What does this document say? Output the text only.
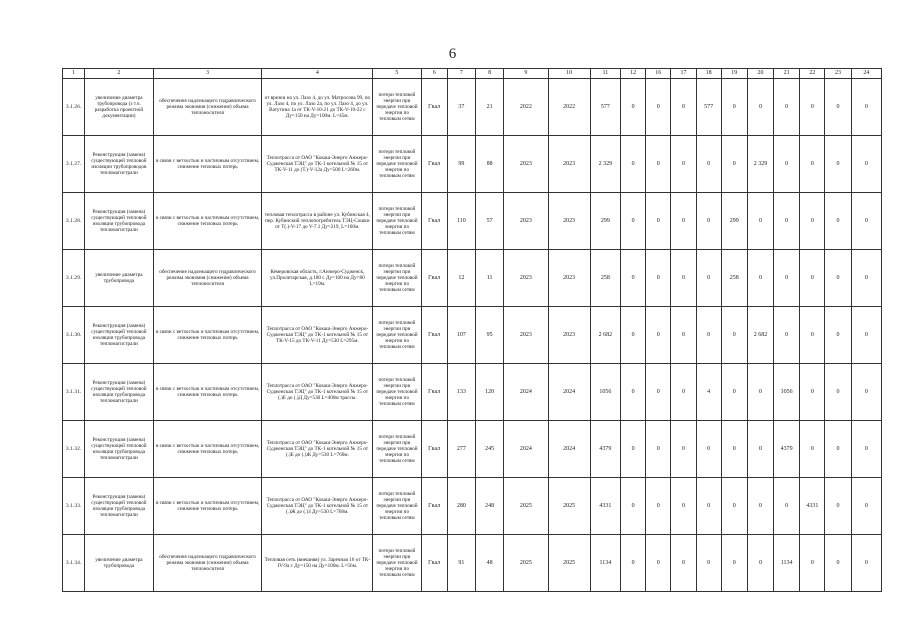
6
1	2	3	4	5	6	7	8	9	10	11	12	16	17	18	19	20	21	22	23	24
3.1.26.	увеличение диаметра трубопровода (з т.ч. разработка проектной документации)	обеспечение надлежащего гидравлического режима экономия (снижение) объема теплоносителя	от врезки на ул. Лазо 4, до ул. Матросова 99, по ул. Лазо 4, по ул. Лазо 2а, по ул. Лазо 4, до ул. Ватутина 1а от ТК-V-10-21 до ТК-V-10-22 с Ду=150 на Ду=100м. L=45м.	потери тепловой энергии при передаче тепловой энергии по тепловым сетям	Гкал	37	21	2022	2022	577	0	0	0	577	0	0	0	0	0	0
3.1.27.	Реконструкция (замена) существующей тепловой изоляции трубопроводов тепломагистрали	в связи с ветхостью и частичным отсутствием, снижение тепловых потерь	Теплотрасса от ОАО "Кокаш-Энерго Анжеро-Судженская ТЭЦ" до ТК-1 котельной № 15 от ТК-V-11 до (Т.)-V-12а Ду=500 L=260м.	потери тепловой энергии при передаче тепловой энергии по тепловым сетям	Гкал	99	88	2023	2023	2 329	0	0	0	0	0	2 329	0	0	0	0
3.1.28.	Реконструкция (замена) существующей тепловой изоляции трубопровода тепломагистрали	в связи с ветхостью и частичным отсутствием, снижение тепловых потерь	тепловая теплотрасса в районе ул. Кубинская 4, пер. Кубинский теплопотребитель ТЭЦ-Сошки от Т(.)-V-17 до V-7.1 Ду=219, L=160м.	потери тепловой энергии при передаче тепловой энергии по тепловым сетям	Гкал	110	57	2023	2023	299	0	0	0	0	299	0	0	0	0	0
3.1.29.	увеличение диаметра трубопровода	обеспечение надлежащего гидравлического режима экономия (снижение) объема теплоносителя	Кемеровская область, г.Анжеро-Судженск, ул.Пролетарская, д.180 с Ду=100 на Ду=80 L=19м.	потери тепловой энергии при передаче тепловой энергии по тепловым сетям	Гкал	12	11	2023	2023	258	0	0	0	0	258	0	0	0	0	0
3.1.30.	Реконструкция (замена) существующей тепловой изоляции трубопровода тепломагистрали	в связи с ветхостью и частичным отсутствием, снижение тепловых потерь	Теплотрасса от ОАО "Кокаш-Энерго Анжеро-Судженская ТЭЦ" до ТК-1 котельной № 15 от ТК-V-15 до ТК-V-11 Ду=530 L=295м.	потери тепловой энергии при передаче тепловой энергии по тепловым сетям	Гкал	107	95	2023	2023	2 682	0	0	0	0	0	2 682	0	0	0	0
3.1.31.	Реконструкция (замена) существующей тепловой изоляции трубопровода тепломагистрали	в связи с ветхостью и частичным отсутствием, снижение тепловых потерь	Теплотрасса от ОАО "Кокаш-Энерго Анжеро-Судженская ТЭЦ" до ТК-1 котельной № 15 от (.)Е до (.)Д Ду=530 L=400м трассы.	потери тепловой энергии при передаче тепловой энергии по тепловым сетям	Гкал	133	120	2024	2024	1056	0	0	0	4	0	0	1056	0	0	0
3.1.32.	Реконструкция (замена) существующей тепловой изоляции трубопровода тепломагистрали	в связи с ветхостью и частичным отсутствием, снижение тепловых потерь	Теплотрасса от ОАО "Кокаш-Энерго Анжеро-Судженская ТЭЦ" до ТК-1 котельной № 15 от (.)Е до (.)Ж Ду=530 L=760м.	потери тепловой энергии при передаче тепловой энергии по тепловым сетям	Гкал	277	245	2024	2024	4379	0	0	0	0	0	0	4379	0	0	0
3.1.33.	Реконструкция (замена) существующей тепловой изоляции трубопровода тепломагистрали	в связи с ветхостью и частичным отсутствием, снижение тепловых потерь	Теплотрасса от ОАО "Кокаш-Энерго Анжеро-Судженская ТЭЦ" до ТК-1 котельной № 15 от (.)Ж до (.)З Ду=530 L=768м.	потери тепловой энергии при передаче тепловой энергии по тепловым сетям	Гкал	280	248	2025	2025	4331	0	0	0	0	0	0	0	4331	0	0
3.1.34.	увеличение диаметра трубопровода	обеспечение надлежащего гидравлического режима экономия (снижение) объема теплоносителя	Тепловая сеть (внешняя) ул. Заречная 16 от ТК-IV-9а с Ду=150 на Ду=100м. L=56м.	потери тепловой энергии при передаче тепловой энергии по тепловым сетям	Гкал	91	48	2025	2025	1134	0	0	0	0	0	0	1134	0	0	0
